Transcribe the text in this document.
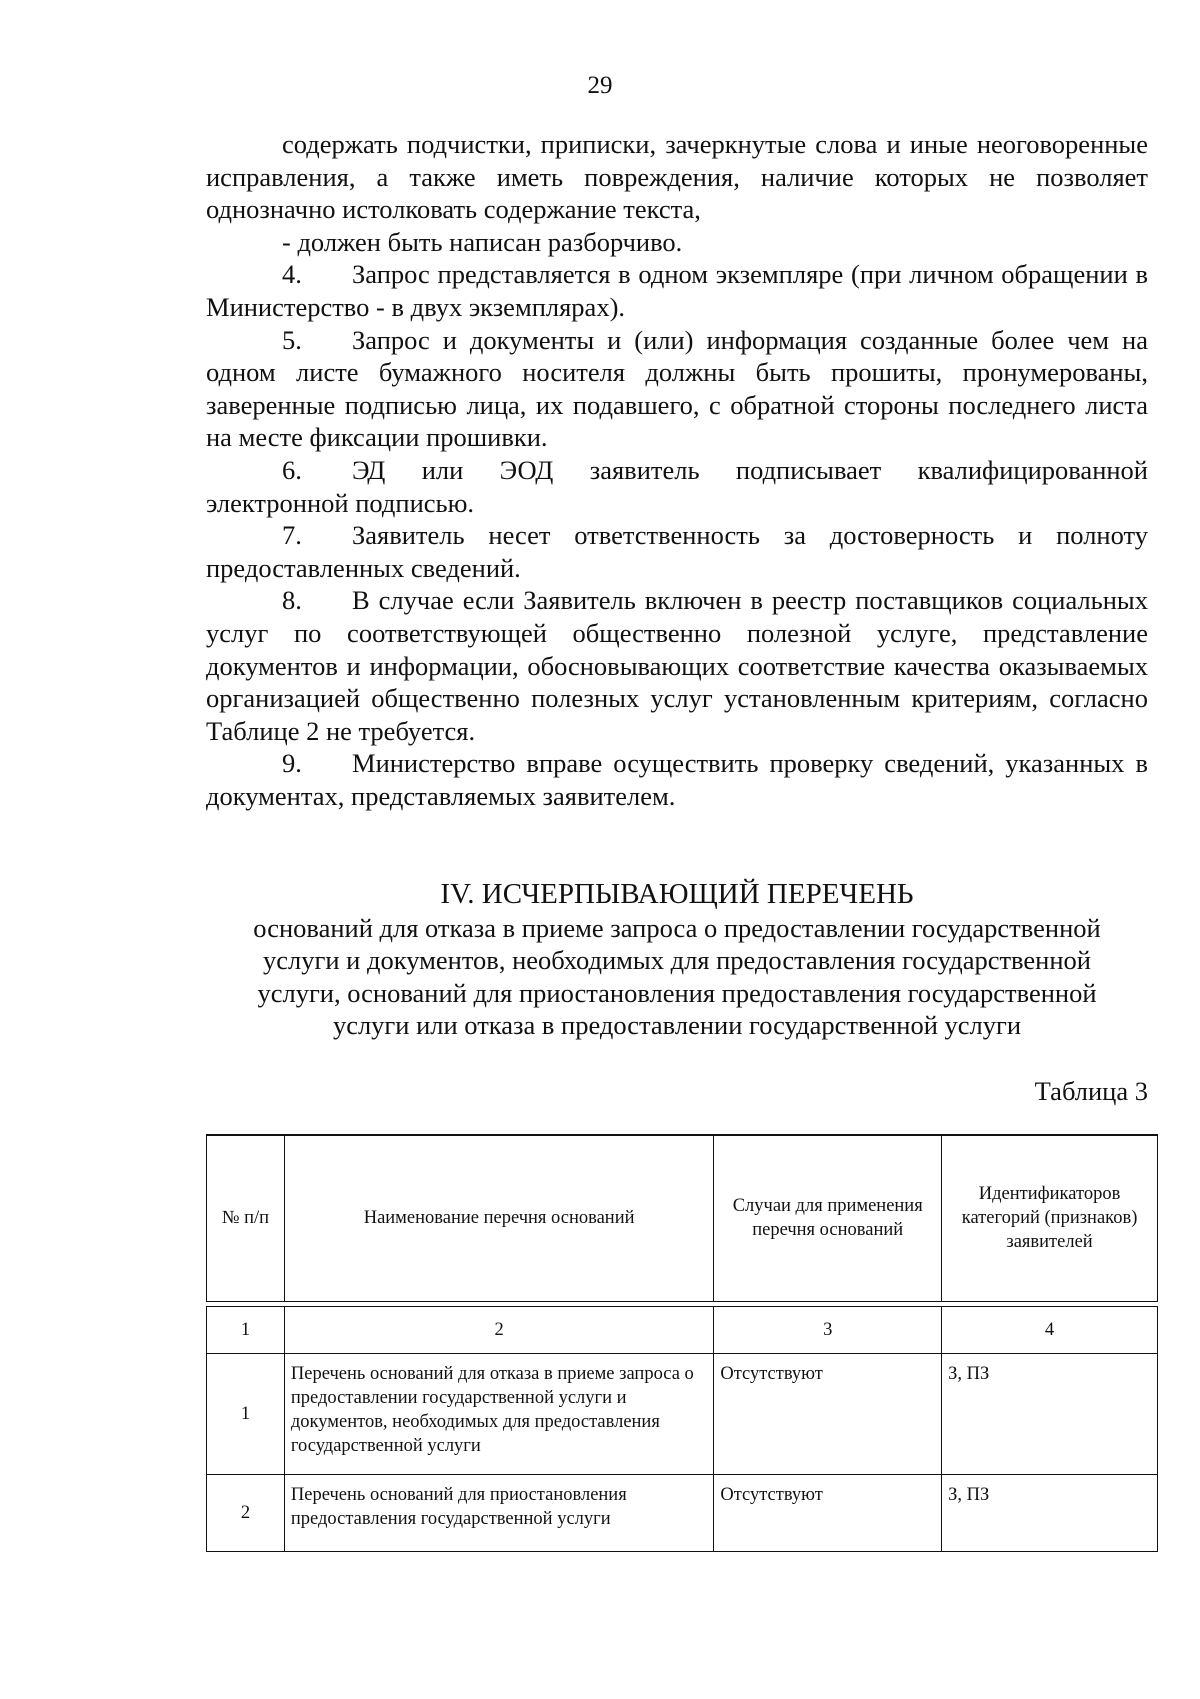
29

содержать подчистки, приписки, зачеркнутые слова и иные неоговоренные исправления, а также иметь повреждения, наличие которых не позволяет однозначно истолковать содержание текста,

- должен быть написан разборчиво.

4. Запрос представляется в одном экземпляре (при личном обращении в Министерство - в двух экземплярах).

5. Запрос и документы и (или) информация созданные более чем на одном листе бумажного носителя должны быть прошиты, пронумерованы, заверенные подписью лица, их подавшего, с обратной стороны последнего листа на месте фиксации прошивки.

6. ЭД или ЭОД заявитель подписывает квалифицированной электронной подписью.

7. Заявитель несет ответственность за достоверность и полноту предоставленных сведений.

8. В случае если Заявитель включен в реестр поставщиков социальных услуг по соответствующей общественно полезной услуге, представление документов и информации, обосновывающих соответствие качества оказываемых организацией общественно полезных услуг установленным критериям, согласно Таблице 2 не требуется.

9. Министерство вправе осуществить проверку сведений, указанных в документах, представляемых заявителем.

IV. ИСЧЕРПЫВАЮЩИЙ ПЕРЕЧЕНЬ

оснований для отказа в приеме запроса о предоставлении государственной услуги и документов, необходимых для предоставления государственной услуги, оснований для приостановления предоставления государственной услуги или отказа в предоставлении государственной услуги

Таблица 3
№ п/п	Наименование перечня оснований	Случаи для применения перечня оснований	Идентификаторов категорий (признаков) заявителей

1	2	3	4
1	Перечень оснований для отказа в приеме запроса о предоставлении государственной услуги и документов, необходимых для предоставления государственной услуги	Отсутствуют	З, ПЗ
2	Перечень оснований для приостановления предоставления государственной услуги	Отсутствуют	З, ПЗ
